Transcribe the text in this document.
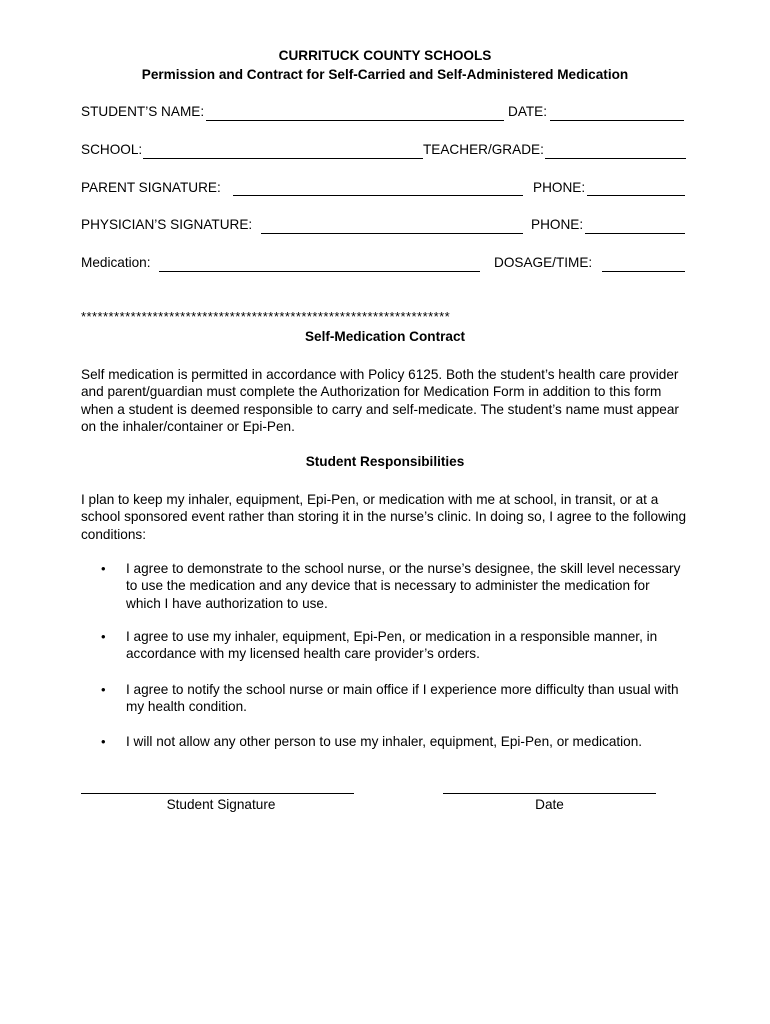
CURRITUCK COUNTY SCHOOLS
Permission and Contract for Self-Carried and Self-Administered Medication
STUDENT’S NAME:	DATE:
SCHOOL:	TEACHER/GRADE:
PARENT SIGNATURE:	PHONE:
PHYSICIAN’S SIGNATURE:	PHONE:
Medication:	DOSAGE/TIME:
*******************************************************************
Self-Medication Contract
Self medication is permitted in accordance with Policy 6125. Both the student’s health care provider and parent/guardian must complete the Authorization for Medication Form in addition to this form when a student is deemed responsible to carry and self-medicate. The student’s name must appear on the inhaler/container or Epi-Pen.
Student Responsibilities
I plan to keep my inhaler, equipment, Epi-Pen, or medication with me at school, in transit, or at a school sponsored event rather than storing it in the nurse’s clinic. In doing so, I agree to the following conditions:
• I agree to demonstrate to the school nurse, or the nurse’s designee, the skill level necessary to use the medication and any device that is necessary to administer the medication for which I have authorization to use.
• I agree to use my inhaler, equipment, Epi-Pen, or medication in a responsible manner, in accordance with my licensed health care provider’s orders.
• I agree to notify the school nurse or main office if I experience more difficulty than usual with my health condition.
• I will not allow any other person to use my inhaler, equipment, Epi-Pen, or medication.
Student Signature	Date
